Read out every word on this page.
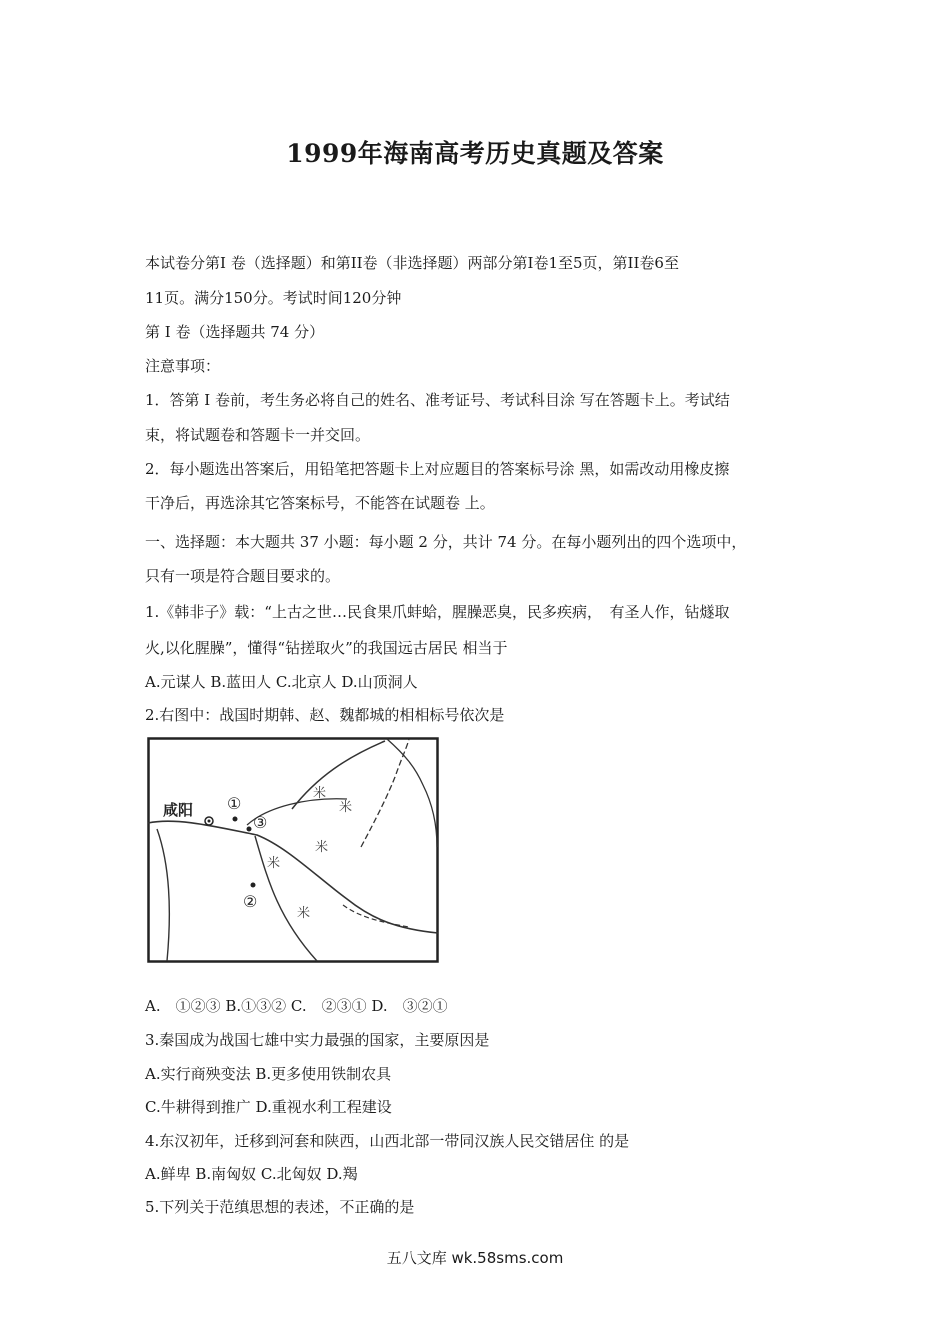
1999年海南高考历史真题及答案
本试卷分第Ⅰ 卷（选择题）和第II卷（非选择题）两部分第Ⅰ卷1至5页，第II卷6至
11页。满分150分。考试时间120分钟
第 I 卷（选择题共 74 分）
注意事项：
1．答第 I 卷前，考生务必将自己的姓名、准考证号、考试科目涂 写在答题卡上。考试结
束，将试题卷和答题卡一并交回。
2．每小题选出答案后，用铅笔把答题卡上对应题目的答案标号涂 黑，如需改动用橡皮擦
干净后，再选涂其它答案标号，不能答在试题卷 上。
一、选择题：本大题共 37 小题：每小题 2 分，共计 74 分。在每小题列出的四个选项中，
只有一项是符合题目要求的。
1.《韩非子》载：“上古之世…民食果爪蚌蛤，腥臊恶臭，民多疾病，　有圣人作，钻燧取
火,以化腥臊”，懂得“钻搓取火”的我国远古居民 相当于
A.元谋人 B.蓝田人 C.北京人 D.山顶洞人
2.右图中：战国时期韩、赵、魏都城的相相标号依次是
咸阳 ①
③
②
米
米
米
米
米
A.　①②③ B.①③② C.　②③① D.　③②①
3.秦国成为战国七雄中实力最强的国家，主要原因是
A.实行商殃变法 B.更多使用铁制农具
C.牛耕得到推广 D.重视水利工程建设
4.东汉初年，迁移到河套和陕西，山西北部一带同汉族人民交错居住 的是
A.鲜卑 B.南匈奴 C.北匈奴 D.羯
5.下列关于范缜思想的表述，不正确的是
五八文库 wk.58sms.com
